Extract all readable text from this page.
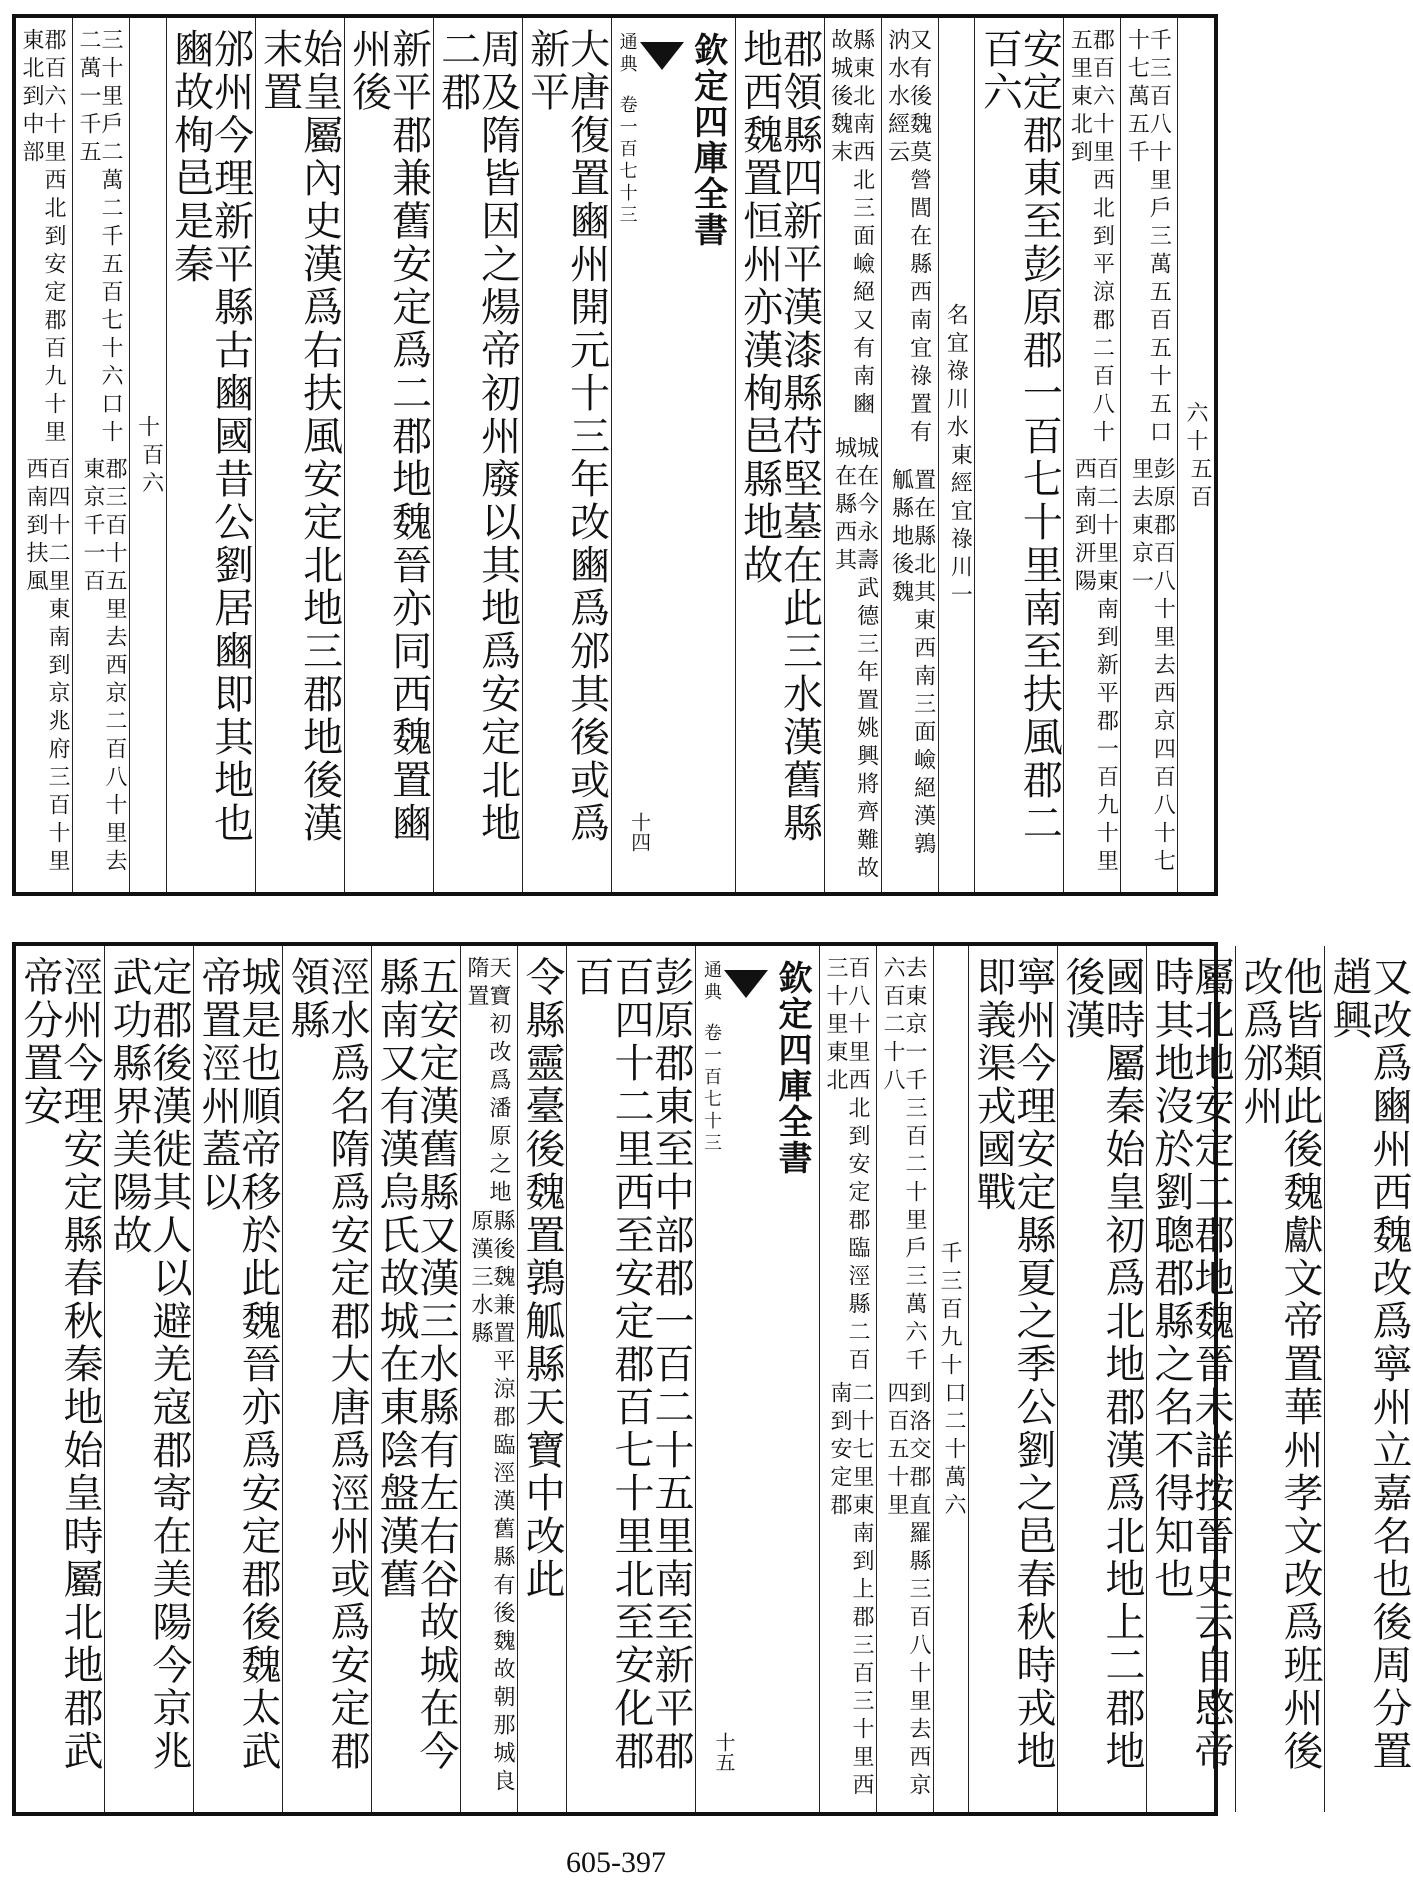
百四十二里東南到京兆府三百十里西南到扶風
郡百六十里西北到安定郡百九十里東北到中部
郡三百十五里去西京二百八十里去東京千一百
三十里戶二萬二千五百七十六口十二萬一千五
百六
十	邠州今理新平縣古豳國昔公劉居豳即其地也豳故栒邑是秦	始皇屬內史漢爲右扶風安定北地三郡地後漢末置	新平郡兼舊安定爲二郡地魏晉亦同西魏置豳州後	周及隋皆因之煬帝初州廢以其地爲安定北地二郡	大唐復置豳州開元十三年改豳爲邠其後或爲新平	欽定四庫全書
通典 卷一百七十三
十四	郡領縣四新平漢漆縣苻堅墓在此三水漢舊縣地西魏置恒州亦漢栒邑縣地故
城在今永壽武德三年置姚興將齊難故城在縣西其
縣東北南西北三面嶮絕又有南豳故城後魏末
置在縣北其東西南三面嶮絕漢鶉觚縣地後魏
又有後魏莫營閭在縣西南宜祿置有汭水水經云
東經宜祿川一
名宜祿川水	安定郡東至彭原郡一百七十里南至扶風郡二百六
百二十里東南到新平郡一百九十里西南到汧陽
郡百六十里西北到平涼郡二百八十五里東北到
彭原郡百八十里去西京四百八十七里去東京一
千三百八十里戶三萬五百五十五口十七萬五千
五百
六十
涇州今理安定縣春秋秦地始皇時屬北地郡武帝分置安	定郡後漢徙其人以避羌寇郡寄在美陽今京兆武功縣界美陽故	城是也順帝移於此魏晉亦爲安定郡後魏太武帝置涇州蓋以	涇水爲名隋爲安定郡大唐爲涇州或爲安定郡領縣	五安定漢舊縣又漢三水縣有左右谷故城在今縣南又有漢烏氏故城在東陰盤漢舊	縣後魏兼置平涼郡臨涇漢舊縣有後魏故朝那城良原漢三水縣
天寶初改爲潘原之地隋置 令縣靈臺後魏置鶉觚縣天寶中改此	彭原郡東至中部郡一百二十五里南至新平郡百四十二里西至安定郡百七十里北至安化郡百	欽定四庫全書
通典 卷一百七十三
十五	二十七里東南到上郡三百三十里西南到安定郡
百八十里西北到安定郡臨涇縣二百三十里東北
到洛交郡直羅縣三百八十里去西京四百五十里
去東京一千三百二十里戶三萬六千六百二十八
口二十萬六
千三百九十	寧州今理安定縣夏之季公劉之邑春秋時戎地即義渠戎國戰	國時屬秦始皇初爲北地郡漢爲北地上二郡地後漢	屬北地安定二郡地魏晉未詳按晉史云自愍帝時其地沒於劉聰郡縣之名不得知也	他皆類此後魏獻文帝置華州孝文改爲班州後改爲邠州	又改爲豳州西魏改爲寧州立嘉名也後周分置趙興
605-397
